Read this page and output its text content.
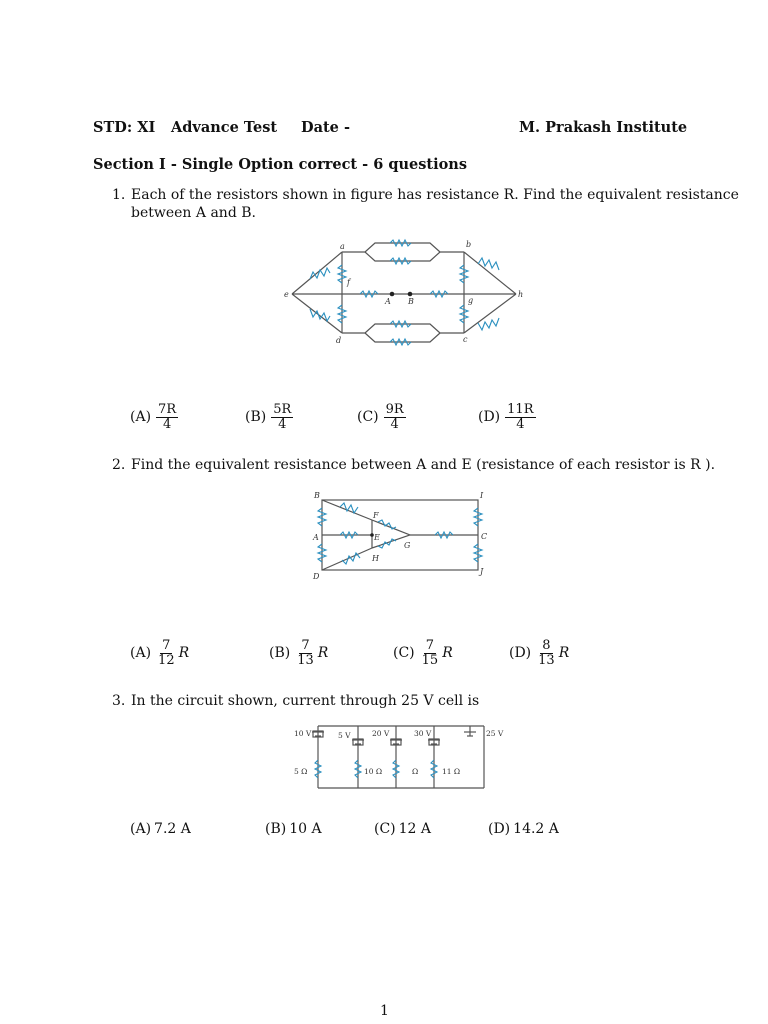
STD: XI Advance Test Date -	M. Prakash Institute
Section I - Single Option correct - 6 questions
1. Each of the resistors shown in figure has resistance R. Find the equivalent resistance
between A and B.
a	b
c
d
e
f
g
h
A B
$(A) \frac{7R}{4}$	$(B) \frac{5R}{4}$	$(C) \frac{9R}{4}$	$(D) \frac{11R}{4}$
2. Find the equivalent resistance between A and E (resistance of each resistor is R ).
B	I
F
E
A
G
C
H
D
J
$(A) \frac{7}{12}$ R	$(B) \frac{7}{13}$ R	$(C) \frac{7}{15}$ R	$(D) \frac{8}{13}$ R
3. In the circuit shown, current through 25 V cell is
10 V	5 V	20 V	30 V	25 V
5 Ω	10 Ω	Ω	11 Ω
(A) 7.2 A	(B) 10 A	(C) 12 A	(D) 14.2 A
1
